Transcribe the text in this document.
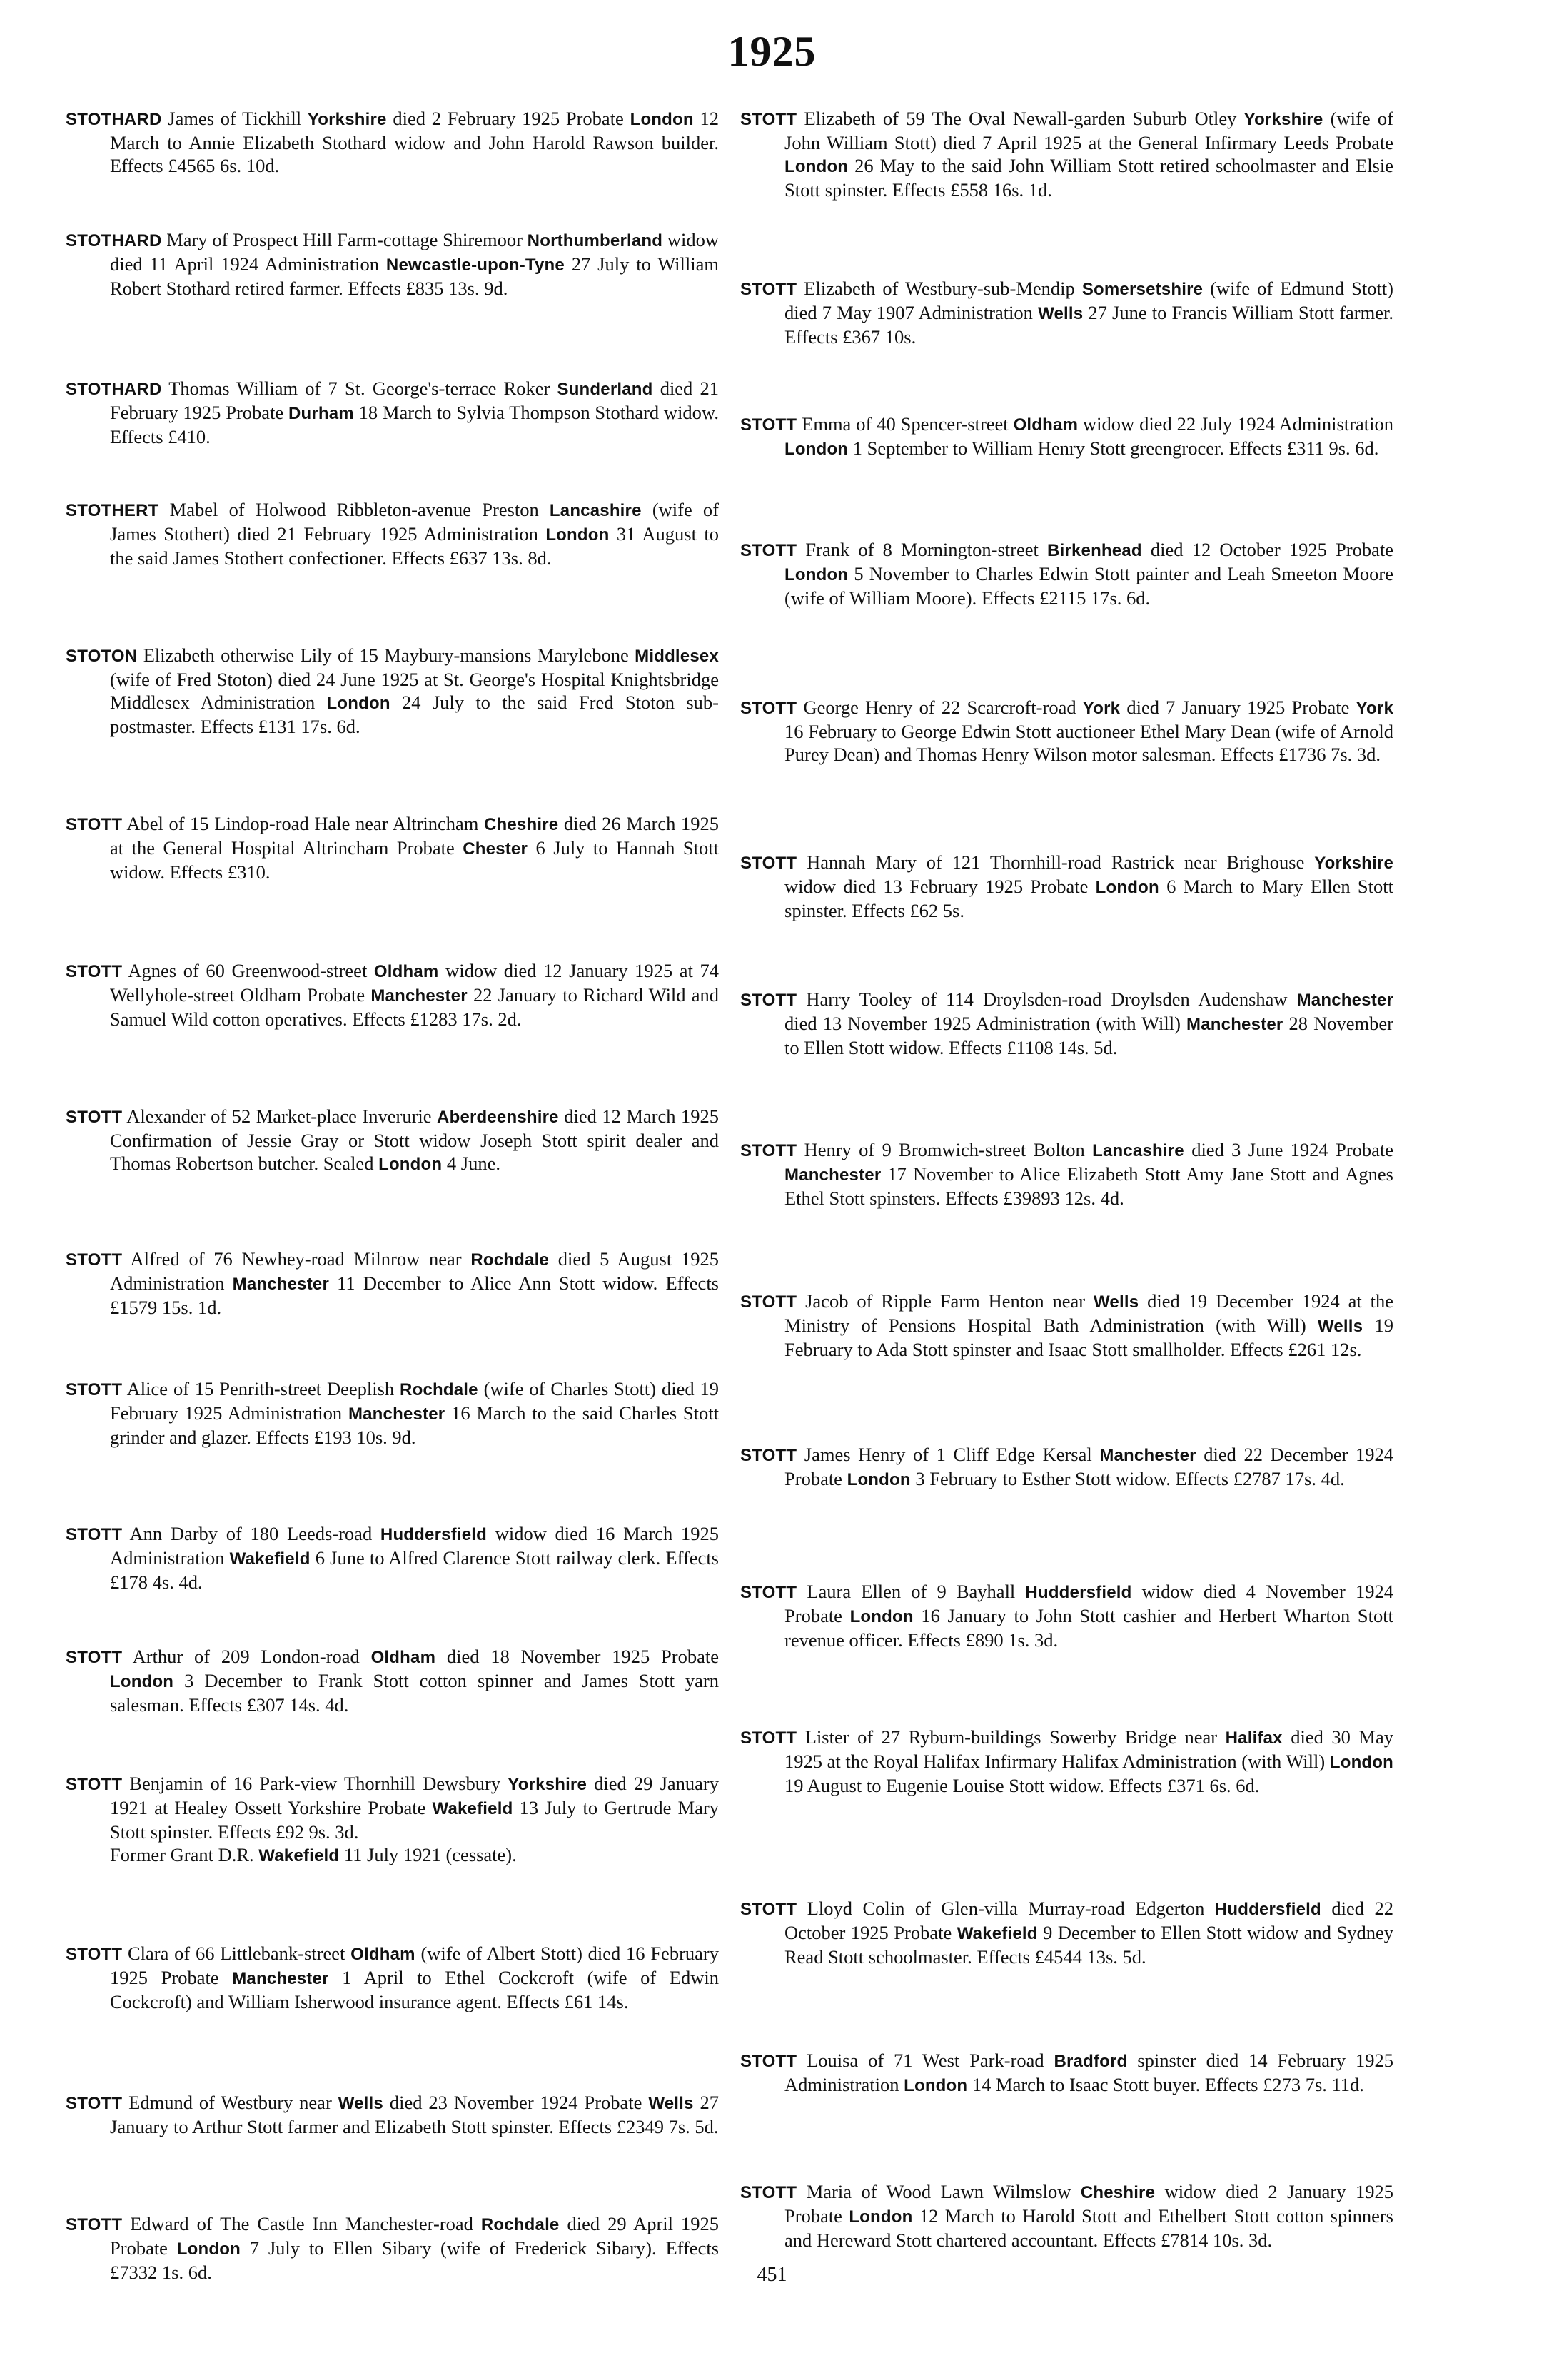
1925

STOTHARD James of Tickhill Yorkshire died 2 February 1925 Probate London 12 March to Annie Elizabeth Stothard widow and John Harold Rawson builder. Effects £4565 6s. 10d.

STOTHARD Mary of Prospect Hill Farm-cottage Shiremoor Northumberland widow died 11 April 1924 Administration Newcastle-upon-Tyne 27 July to William Robert Stothard retired farmer. Effects £835 13s. 9d.

STOTHARD Thomas William of 7 St. George's-terrace Roker Sunderland died 21 February 1925 Probate Durham 18 March to Sylvia Thompson Stothard widow. Effects £410.

STOTHERT Mabel of Holwood Ribbleton-avenue Preston Lancashire (wife of James Stothert) died 21 February 1925 Administration London 31 August to the said James Stothert confectioner. Effects £637 13s. 8d.

STOTON Elizabeth otherwise Lily of 15 Maybury-mansions Marylebone Middlesex (wife of Fred Stoton) died 24 June 1925 at St. George's Hospital Knightsbridge Middlesex Administration London 24 July to the said Fred Stoton sub-postmaster. Effects £131 17s. 6d.

STOTT Abel of 15 Lindop-road Hale near Altrincham Cheshire died 26 March 1925 at the General Hospital Altrincham Probate Chester 6 July to Hannah Stott widow. Effects £310.

STOTT Agnes of 60 Greenwood-street Oldham widow died 12 January 1925 at 74 Wellyhole-street Oldham Probate Manchester 22 January to Richard Wild and Samuel Wild cotton operatives. Effects £1283 17s. 2d.

STOTT Alexander of 52 Market-place Inverurie Aberdeenshire died 12 March 1925 Confirmation of Jessie Gray or Stott widow Joseph Stott spirit dealer and Thomas Robertson butcher. Sealed London 4 June.

STOTT Alfred of 76 Newhey-road Milnrow near Rochdale died 5 August 1925 Administration Manchester 11 December to Alice Ann Stott widow. Effects £1579 15s. 1d.

STOTT Alice of 15 Penrith-street Deeplish Rochdale (wife of Charles Stott) died 19 February 1925 Administration Manchester 16 March to the said Charles Stott grinder and glazer. Effects £193 10s. 9d.

STOTT Ann Darby of 180 Leeds-road Huddersfield widow died 16 March 1925 Administration Wakefield 6 June to Alfred Clarence Stott railway clerk. Effects £178 4s. 4d.

STOTT Arthur of 209 London-road Oldham died 18 November 1925 Probate London 3 December to Frank Stott cotton spinner and James Stott yarn salesman. Effects £307 14s. 4d.

STOTT Benjamin of 16 Park-view Thornhill Dewsbury Yorkshire died 29 January 1921 at Healey Ossett Yorkshire Probate Wakefield 13 July to Gertrude Mary Stott spinster. Effects £92 9s. 3d.

Former Grant D.R. Wakefield 11 July 1921 (cessate).

STOTT Clara of 66 Littlebank-street Oldham (wife of Albert Stott) died 16 February 1925 Probate Manchester 1 April to Ethel Cockcroft (wife of Edwin Cockcroft) and William Isherwood insurance agent. Effects £61 14s.

STOTT Edmund of Westbury near Wells died 23 November 1924 Probate Wells 27 January to Arthur Stott farmer and Elizabeth Stott spinster. Effects £2349 7s. 5d.

STOTT Edward of The Castle Inn Manchester-road Rochdale died 29 April 1925 Probate London 7 July to Ellen Sibary (wife of Frederick Sibary). Effects £7332 1s. 6d.

STOTT Elizabeth of 59 The Oval Newall-garden Suburb Otley Yorkshire (wife of John William Stott) died 7 April 1925 at the General Infirmary Leeds Probate London 26 May to the said John William Stott retired schoolmaster and Elsie Stott spinster. Effects £558 16s. 1d.

STOTT Elizabeth of Westbury-sub-Mendip Somersetshire (wife of Edmund Stott) died 7 May 1907 Administration Wells 27 June to Francis William Stott farmer. Effects £367 10s.

STOTT Emma of 40 Spencer-street Oldham widow died 22 July 1924 Administration London 1 September to William Henry Stott greengrocer. Effects £311 9s. 6d.

STOTT Frank of 8 Mornington-street Birkenhead died 12 October 1925 Probate London 5 November to Charles Edwin Stott painter and Leah Smeeton Moore (wife of William Moore). Effects £2115 17s. 6d.

STOTT George Henry of 22 Scarcroft-road York died 7 January 1925 Probate York 16 February to George Edwin Stott auctioneer Ethel Mary Dean (wife of Arnold Purey Dean) and Thomas Henry Wilson motor salesman. Effects £1736 7s. 3d.

STOTT Hannah Mary of 121 Thornhill-road Rastrick near Brighouse Yorkshire widow died 13 February 1925 Probate London 6 March to Mary Ellen Stott spinster. Effects £62 5s.

STOTT Harry Tooley of 114 Droylsden-road Droylsden Audenshaw Manchester died 13 November 1925 Administration (with Will) Manchester 28 November to Ellen Stott widow. Effects £1108 14s. 5d.

STOTT Henry of 9 Bromwich-street Bolton Lancashire died 3 June 1924 Probate Manchester 17 November to Alice Elizabeth Stott Amy Jane Stott and Agnes Ethel Stott spinsters. Effects £39893 12s. 4d.

STOTT Jacob of Ripple Farm Henton near Wells died 19 December 1924 at the Ministry of Pensions Hospital Bath Administration (with Will) Wells 19 February to Ada Stott spinster and Isaac Stott smallholder. Effects £261 12s.

STOTT James Henry of 1 Cliff Edge Kersal Manchester died 22 December 1924 Probate London 3 February to Esther Stott widow. Effects £2787 17s. 4d.

STOTT Laura Ellen of 9 Bayhall Huddersfield widow died 4 November 1924 Probate London 16 January to John Stott cashier and Herbert Wharton Stott revenue officer. Effects £890 1s. 3d.

STOTT Lister of 27 Ryburn-buildings Sowerby Bridge near Halifax died 30 May 1925 at the Royal Halifax Infirmary Halifax Administration (with Will) London 19 August to Eugenie Louise Stott widow. Effects £371 6s. 6d.

STOTT Lloyd Colin of Glen-villa Murray-road Edgerton Huddersfield died 22 October 1925 Probate Wakefield 9 December to Ellen Stott widow and Sydney Read Stott schoolmaster. Effects £4544 13s. 5d.

STOTT Louisa of 71 West Park-road Bradford spinster died 14 February 1925 Administration London 14 March to Isaac Stott buyer. Effects £273 7s. 11d.

STOTT Maria of Wood Lawn Wilmslow Cheshire widow died 2 January 1925 Probate London 12 March to Harold Stott and Ethelbert Stott cotton spinners and Hereward Stott chartered accountant. Effects £7814 10s. 3d.

451
